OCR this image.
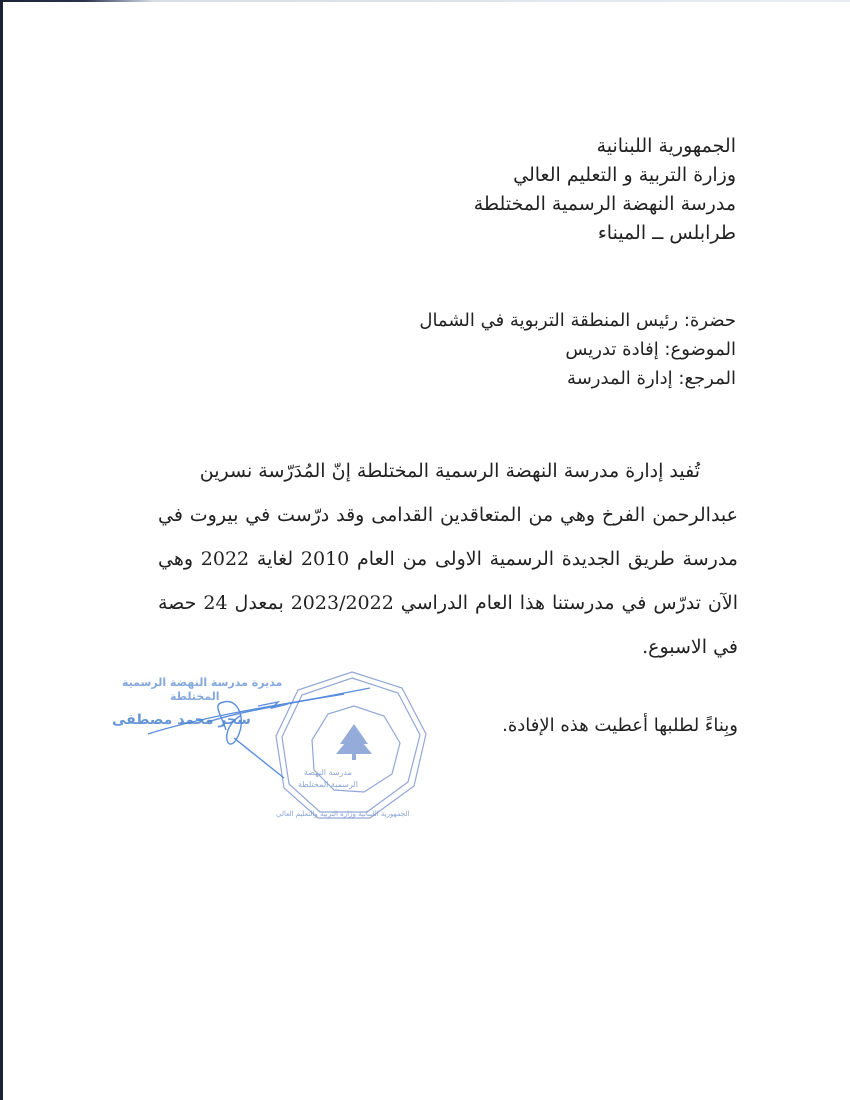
الجمهورية اللبنانية
وزارة التربية و التعليم العالي
مدرسة النهضة الرسمية المختلطة
طرابلس ــ الميناء
حضرة: رئيس المنطقة التربوية في الشمال
الموضوع: إفادة تدريس
المرجع: إدارة المدرسة
تُفيد إدارة مدرسة النهضة الرسمية المختلطة إنّ المُدَرّسة نسرين
عبدالرحمن الفرخ وهي من المتعاقدين القدامى وقد درّست في بيروت في
مدرسة طريق الجديدة الرسمية الاولى من العام 2010 لغاية 2022 وهي
الآن تدرّس في مدرستنا هذا العام الدراسي 2023/2022 بمعدل 24 حصة
في الاسبوع.
وبِناءً لطلبها أعطيت هذه الإفادة.
مديرة مدرسة النهضة الرسمية
المختلطة
سحر محمد مصطفى
مدرسة النهضة
الرسمية المختلطة
الجمهورية اللبنانية وزارة التربية والتعليم العالي
